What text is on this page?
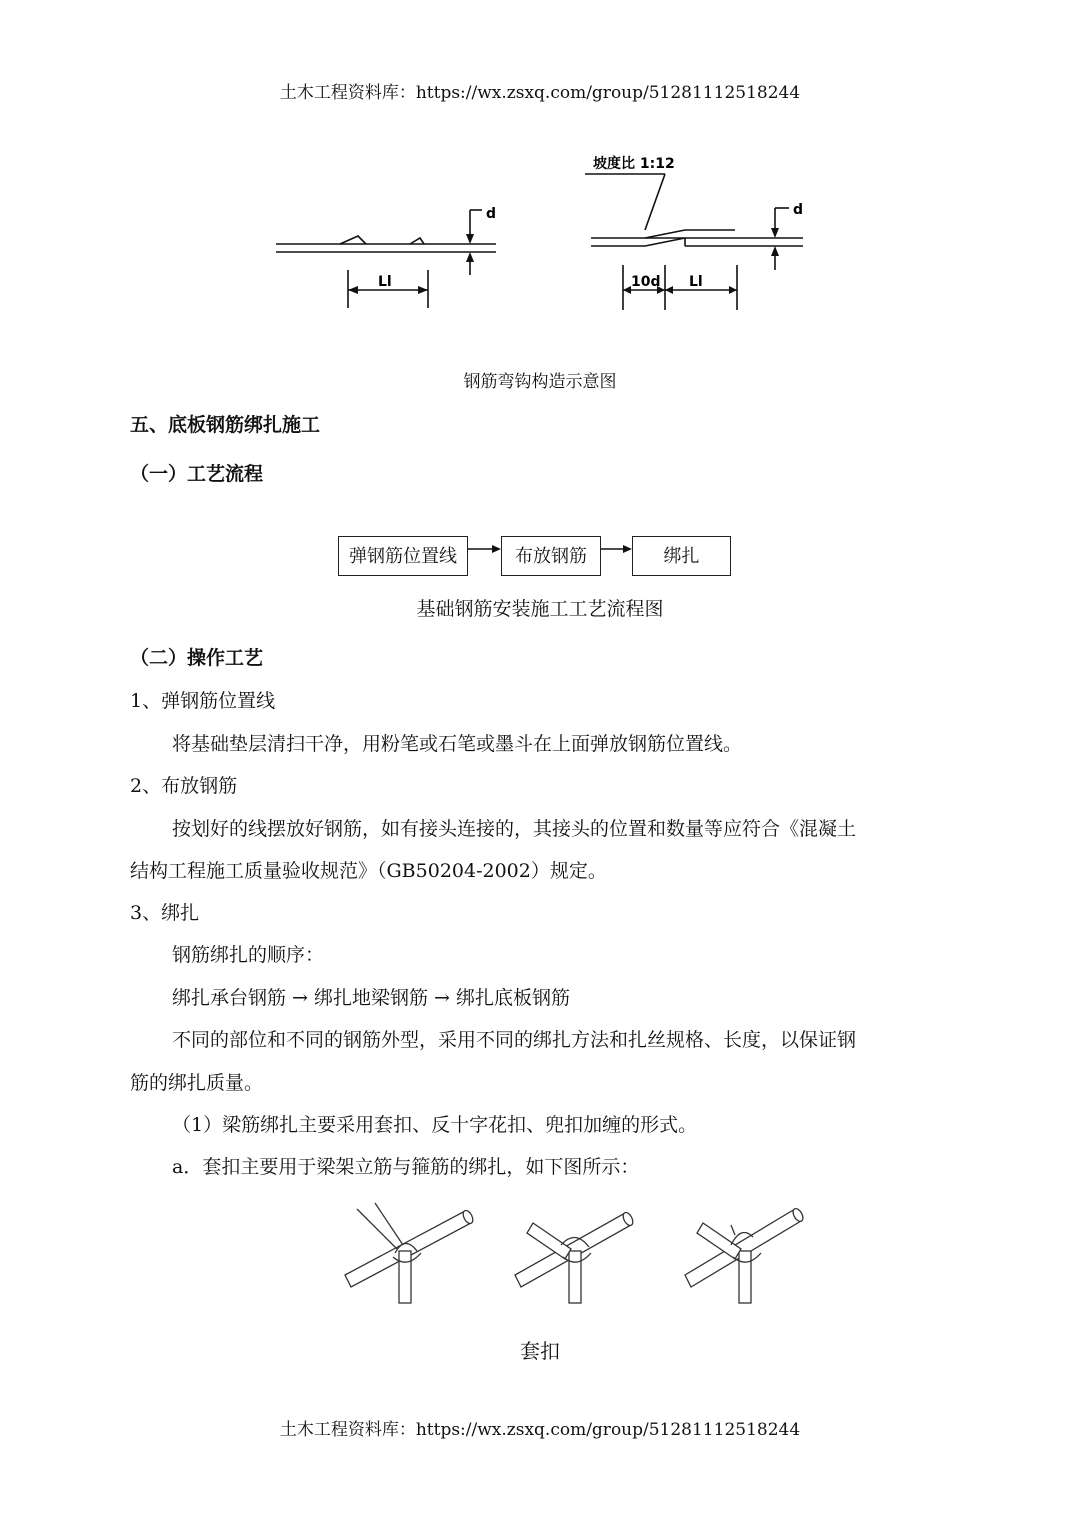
土木工程资料库：https://wx.zsxq.com/group/51281112518244
d
Ll
坡度比 1:12
d
10d Ll
钢筋弯钩构造示意图
五、底板钢筋绑扎施工
（一）工艺流程
弹钢筋位置线	布放钢筋	绑扎
基础钢筋安装施工工艺流程图
（二）操作工艺
1、弹钢筋位置线
将基础垫层清扫干净，用粉笔或石笔或墨斗在上面弹放钢筋位置线。
2、布放钢筋
按划好的线摆放好钢筋，如有接头连接的，其接头的位置和数量等应符合《混凝土
结构工程施工质量验收规范》（GB50204-2002）规定。
3、绑扎
钢筋绑扎的顺序：
绑扎承台钢筋 → 绑扎地梁钢筋 → 绑扎底板钢筋
不同的部位和不同的钢筋外型，采用不同的绑扎方法和扎丝规格、长度，以保证钢
筋的绑扎质量。
（1）梁筋绑扎主要采用套扣、反十字花扣、兜扣加缠的形式。
a．套扣主要用于梁架立筋与箍筋的绑扎，如下图所示：
套扣
土木工程资料库：https://wx.zsxq.com/group/51281112518244
